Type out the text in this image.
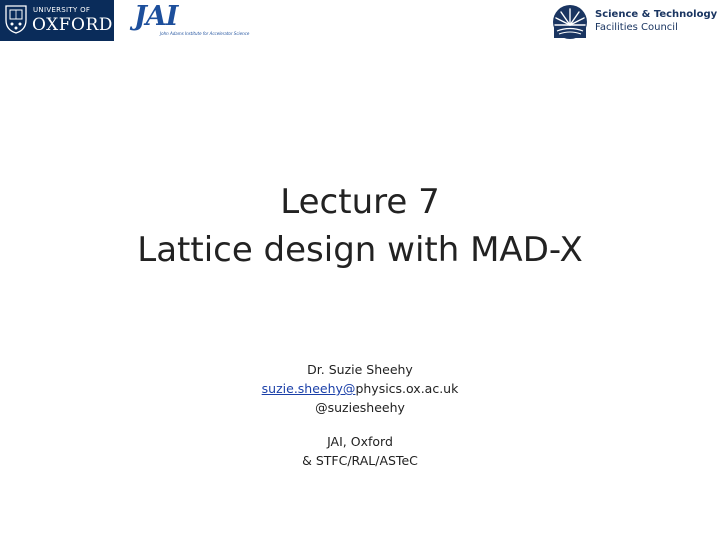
UNIVERSITY OF
OXFORD JAI
John Adams Institute for Accelerator Science
Science & Technology
Facilities Council
Lecture 7
Lattice design with MAD-X
Dr. Suzie Sheehy
suzie.sheehy@physics.ox.ac.uk
@suziesheehy
JAI, Oxford
& STFC/RAL/ASTeC
